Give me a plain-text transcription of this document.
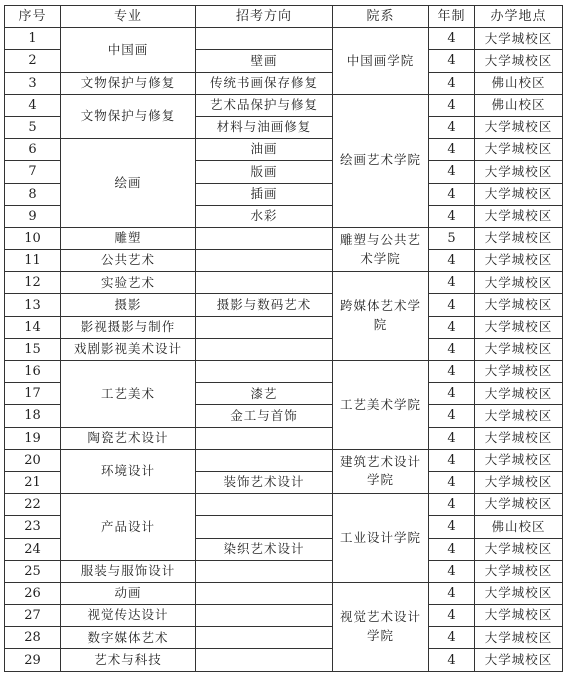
序号	专业	招考方向	院系	年制	办学地点
1	中国画		中国画学院	4	大学城校区
2		壁画		4	大学城校区
3	文物保护与修复	传统书画保存修复		4	佛山校区
4	文物保护与修复	艺术品保护与修复	绘画艺术学院	4	佛山校区
5		材料与油画修复		4	大学城校区
6	绘画	油画		4	大学城校区
7		版画		4	大学城校区
8		插画		4	大学城校区
9		水彩		4	大学城校区
10	雕塑		雕塑与公共艺术学院	5	大学城校区
11	公共艺术			4	大学城校区
12	实验艺术		跨媒体艺术学院	4	大学城校区
13	摄影	摄影与数码艺术		4	大学城校区
14	影视摄影与制作			4	大学城校区
15	戏剧影视美术设计			4	大学城校区
16	工艺美术		工艺美术学院	4	大学城校区
17		漆艺		4	大学城校区
18		金工与首饰		4	大学城校区
19	陶瓷艺术设计			4	大学城校区
20	环境设计		建筑艺术设计学院	4	大学城校区
21		装饰艺术设计		4	大学城校区
22	产品设计		工业设计学院	4	大学城校区
23				4	佛山校区
24		染织艺术设计		4	大学城校区
25	服装与服饰设计			4	大学城校区
26	动画		视觉艺术设计学院	4	大学城校区
27	视觉传达设计			4	大学城校区
28	数字媒体艺术			4	大学城校区
29	艺术与科技			4	大学城校区
